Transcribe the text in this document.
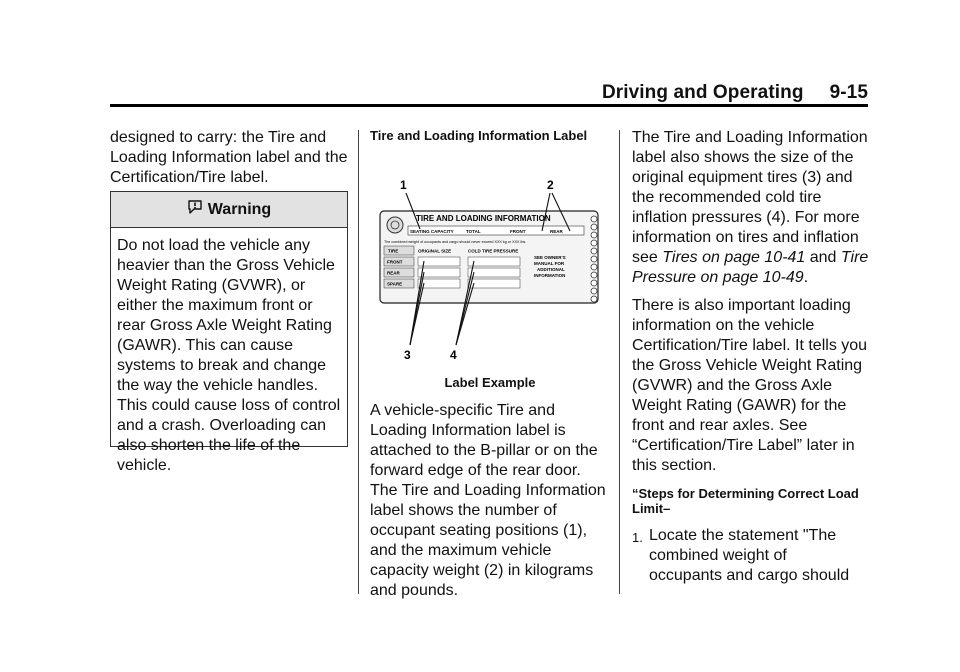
Driving and Operating 9-15

designed to carry: the Tire and Loading Information label and the Certification/Tire label.

Warning
Do not load the vehicle any heavier than the Gross Vehicle Weight Rating (GVWR), or either the maximum front or rear Gross Axle Weight Rating (GAWR). This can cause systems to break and change the way the vehicle handles. This could cause loss of control and a crash. Overloading can also shorten the life of the vehicle.

Tire and Loading Information Label

1	2
3	4
TIRE AND LOADING INFORMATION
SEATING CAPACITY	TOTAL	FRONT	REAR
The combined weight of occupants and cargo should never exceed XXX kg or XXX lbs.
TIRE	ORIGINAL SIZE	COLD TIRE PRESSURE
FRONT
REAR
SPARE
SEE OWNER'S
MANUAL FOR
ADDITIONAL
INFORMATION

Label Example

A vehicle-specific Tire and Loading Information label is attached to the B-pillar or on the forward edge of the rear door. The Tire and Loading Information label shows the number of occupant seating positions (1), and the maximum vehicle capacity weight (2) in kilograms and pounds.

The Tire and Loading Information label also shows the size of the original equipment tires (3) and the recommended cold tire inflation pressures (4). For more information on tires and inflation see Tires on page 10-41 and Tire Pressure on page 10-49.

There is also important loading information on the vehicle Certification/Tire label. It tells you the Gross Vehicle Weight Rating (GVWR) and the Gross Axle Weight Rating (GAWR) for the front and rear axles. See “Certification/Tire Label” later in this section.

“Steps for Determining Correct Load Limit–

1. Locate the statement "The combined weight of occupants and cargo should
